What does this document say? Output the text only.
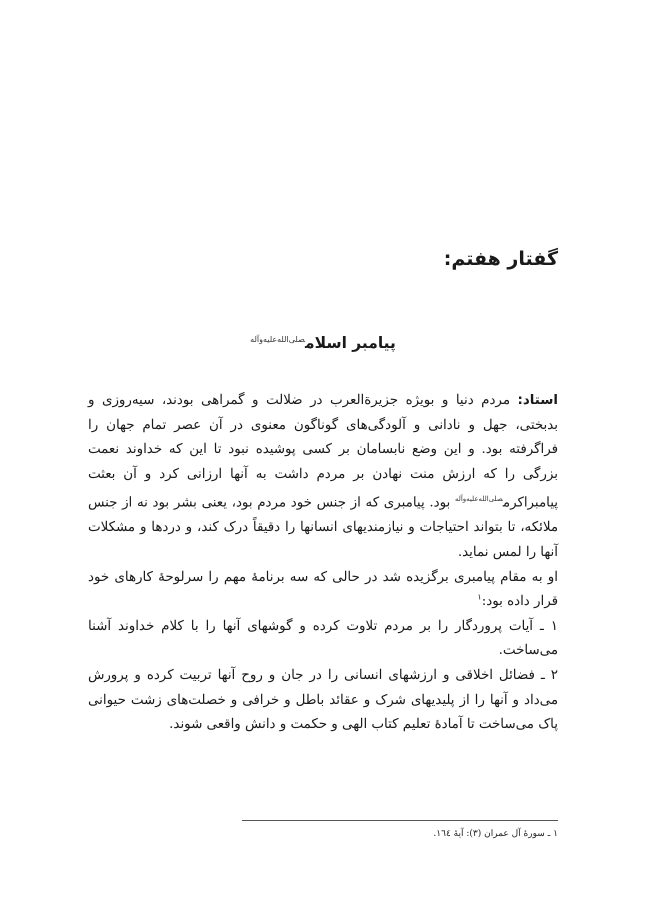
گفتار هفتم:
پیامبر اسلام$^{صلى‌الله‌عليه‌وآله}$

استاد: مردم دنیا و بویژه جزیرةالعرب در ضلالت و گمراهی بودند، سیه‌روزی و بدبختی، جهل و نادانی و آلودگی‌های گوناگون معنوی در آن عصر تمام جهان را فراگرفته بود. و این وضع نابسامان بر کسی پوشیده نبود تا این که خداوند نعمت بزرگی را که ارزش منت نهادن بر مردم داشت به آنها ارزانی کرد و آن بعثت پیامبراکرم$^{صلى‌الله‌عليه‌وآله}$ بود. پیامبری که از جنس خود مردم بود، یعنی بشر بود نه از جنس ملائکه، تا بتواند احتیاجات و نیازمندیهای انسانها را دقیقاً درک کند، و دردها و مشکلات آنها را لمس نماید.

او به مقام پیامبری برگزیده شد در حالی که سه برنامهٔ مهم را سرلوحهٔ کارهای خود قرار داده بود:$^۱$

۱ ـ آیات پروردگار را بر مردم تلاوت کرده و گوشهای آنها را با کلام خداوند آشنا می‌ساخت.

۲ ـ فضائل اخلاقی و ارزشهای انسانی را در جان و روح آنها تربیت کرده و پرورش می‌داد و آنها را از پلیدیهای شرک و عقائد باطل و خرافی و خصلت‌های زشت حیوانی پاک می‌ساخت تا آمادهٔ تعلیم کتاب الهی و حکمت و دانش واقعی شوند.

۱ ـ سورهٔ آل عمران (۳): آیهٔ ۱٦٤.
